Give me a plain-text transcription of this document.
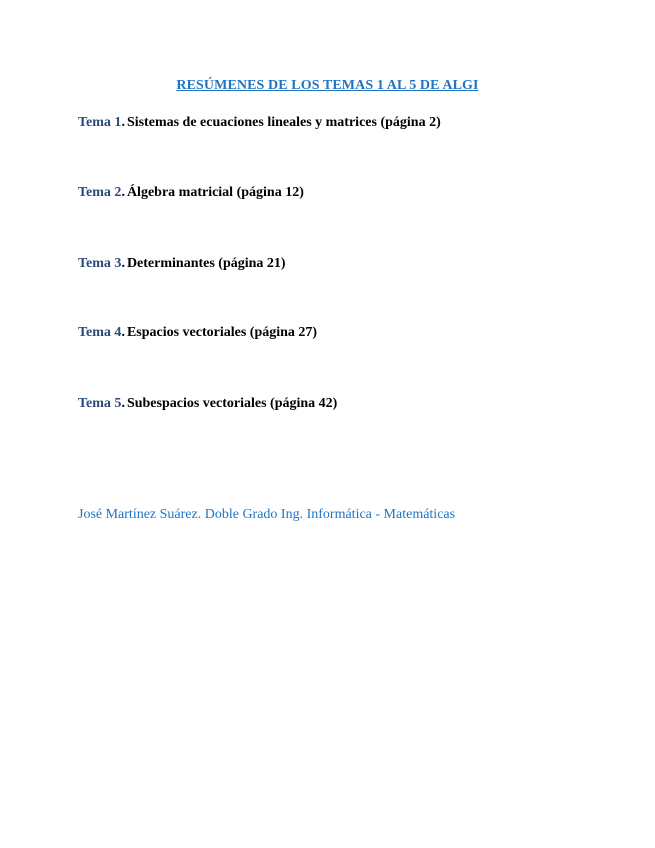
RESÚMENES DE LOS TEMAS 1 AL 5 DE ALGI
Tema 1. Sistemas de ecuaciones lineales y matrices (página 2)
Tema 2. Álgebra matricial (página 12)
Tema 3. Determinantes (página 21)
Tema 4. Espacios vectoriales (página 27)
Tema 5. Subespacios vectoriales (página 42)
José Martínez Suárez. Doble Grado Ing. Informática - Matemáticas
